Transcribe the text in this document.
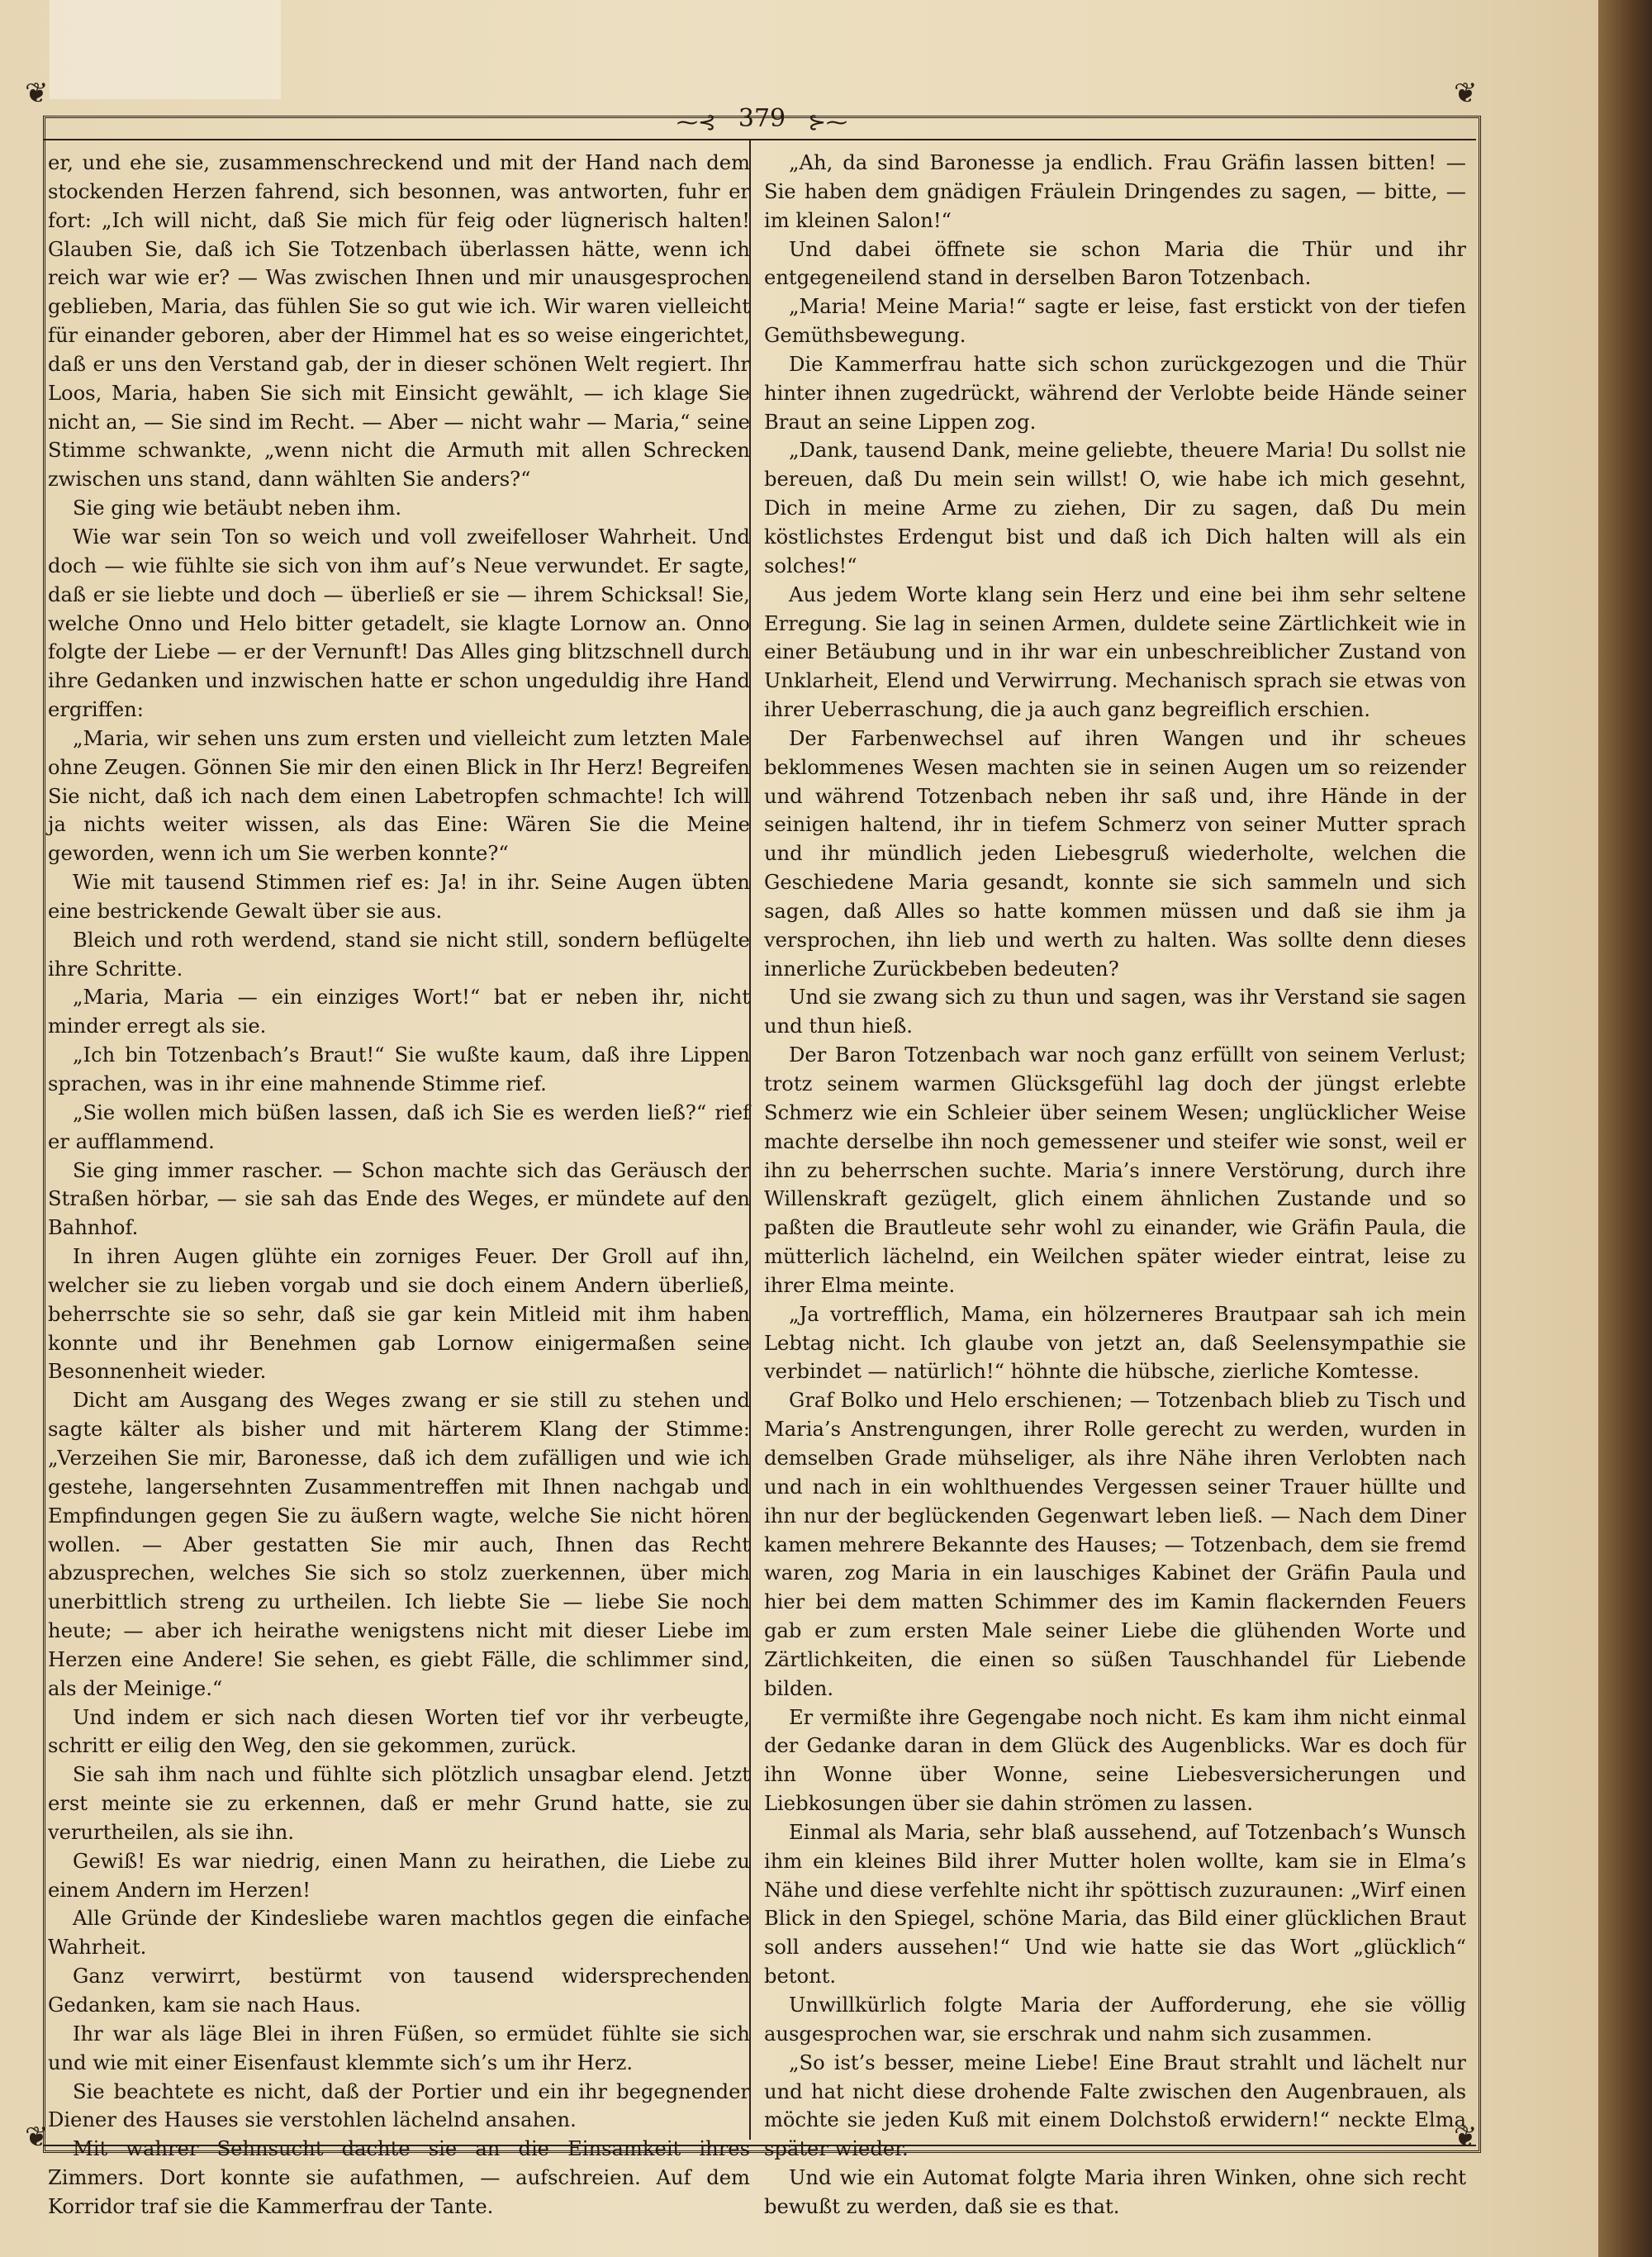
❦	❦
❦	❦
⁓⊰ 379 ⊱⁓

er, und ehe sie, zusammenschreckend und mit der Hand nach dem stockenden Herzen fahrend, sich besonnen, was antworten, fuhr er fort: „Ich will nicht, daß Sie mich für feig oder lügnerisch halten! Glauben Sie, daß ich Sie Totzenbach überlassen hätte, wenn ich reich war wie er? — Was zwischen Ihnen und mir unausgesprochen geblieben, Maria, das fühlen Sie so gut wie ich. Wir waren vielleicht für einander geboren, aber der Himmel hat es so weise eingerichtet, daß er uns den Verstand gab, der in dieser schönen Welt regiert. Ihr Loos, Maria, haben Sie sich mit Einsicht gewählt, — ich klage Sie nicht an, — Sie sind im Recht. — Aber — nicht wahr — Maria,“ seine Stimme schwankte, „wenn nicht die Armuth mit allen Schrecken zwischen uns stand, dann wählten Sie anders?“

Sie ging wie betäubt neben ihm.

Wie war sein Ton so weich und voll zweifelloser Wahrheit. Und doch — wie fühlte sie sich von ihm auf’s Neue verwundet. Er sagte, daß er sie liebte und doch — überließ er sie — ihrem Schicksal! Sie, welche Onno und Helo bitter getadelt, sie klagte Lornow an. Onno folgte der Liebe — er der Vernunft! Das Alles ging blitzschnell durch ihre Gedanken und inzwischen hatte er schon ungeduldig ihre Hand ergriffen:

„Maria, wir sehen uns zum ersten und vielleicht zum letzten Male ohne Zeugen. Gönnen Sie mir den einen Blick in Ihr Herz! Begreifen Sie nicht, daß ich nach dem einen Labetropfen schmachte! Ich will ja nichts weiter wissen, als das Eine: Wären Sie die Meine geworden, wenn ich um Sie werben konnte?“

Wie mit tausend Stimmen rief es: Ja! in ihr. Seine Augen übten eine bestrickende Gewalt über sie aus.

Bleich und roth werdend, stand sie nicht still, sondern beflügelte ihre Schritte.

„Maria, Maria — ein einziges Wort!“ bat er neben ihr, nicht minder erregt als sie.

„Ich bin Totzenbach’s Braut!“ Sie wußte kaum, daß ihre Lippen sprachen, was in ihr eine mahnende Stimme rief.

„Sie wollen mich büßen lassen, daß ich Sie es werden ließ?“ rief er aufflammend.

Sie ging immer rascher. — Schon machte sich das Geräusch der Straßen hörbar, — sie sah das Ende des Weges, er mündete auf den Bahnhof.

In ihren Augen glühte ein zorniges Feuer. Der Groll auf ihn, welcher sie zu lieben vorgab und sie doch einem Andern überließ, beherrschte sie so sehr, daß sie gar kein Mitleid mit ihm haben konnte und ihr Benehmen gab Lornow einigermaßen seine Besonnenheit wieder.

Dicht am Ausgang des Weges zwang er sie still zu stehen und sagte kälter als bisher und mit härterem Klang der Stimme: „Verzeihen Sie mir, Baronesse, daß ich dem zufälligen und wie ich gestehe, langersehnten Zusammentreffen mit Ihnen nachgab und Empfindungen gegen Sie zu äußern wagte, welche Sie nicht hören wollen. — Aber gestatten Sie mir auch, Ihnen das Recht abzusprechen, welches Sie sich so stolz zuerkennen, über mich unerbittlich streng zu urtheilen. Ich liebte Sie — liebe Sie noch heute; — aber ich heirathe wenigstens nicht mit dieser Liebe im Herzen eine Andere! Sie sehen, es giebt Fälle, die schlimmer sind, als der Meinige.“

Und indem er sich nach diesen Worten tief vor ihr verbeugte, schritt er eilig den Weg, den sie gekommen, zurück.

Sie sah ihm nach und fühlte sich plötzlich unsagbar elend. Jetzt erst meinte sie zu erkennen, daß er mehr Grund hatte, sie zu verurtheilen, als sie ihn.

Gewiß! Es war niedrig, einen Mann zu heirathen, die Liebe zu einem Andern im Herzen!

Alle Gründe der Kindesliebe waren machtlos gegen die einfache Wahrheit.

Ganz verwirrt, bestürmt von tausend widersprechenden Gedanken, kam sie nach Haus.

Ihr war als läge Blei in ihren Füßen, so ermüdet fühlte sie sich und wie mit einer Eisenfaust klemmte sich’s um ihr Herz.

Sie beachtete es nicht, daß der Portier und ein ihr begegnender Diener des Hauses sie verstohlen lächelnd ansahen.

Mit wahrer Sehnsucht dachte sie an die Einsamkeit ihres Zimmers. Dort konnte sie aufathmen, — aufschreien. Auf dem Korridor traf sie die Kammerfrau der Tante.

„Ah, da sind Baronesse ja endlich. Frau Gräfin lassen bitten! — Sie haben dem gnädigen Fräulein Dringendes zu sagen, — bitte, — im kleinen Salon!“

Und dabei öffnete sie schon Maria die Thür und ihr entgegeneilend stand in derselben Baron Totzenbach.

„Maria! Meine Maria!“ sagte er leise, fast erstickt von der tiefen Gemüthsbewegung.

Die Kammerfrau hatte sich schon zurückgezogen und die Thür hinter ihnen zugedrückt, während der Verlobte beide Hände seiner Braut an seine Lippen zog.

„Dank, tausend Dank, meine geliebte, theuere Maria! Du sollst nie bereuen, daß Du mein sein willst! O, wie habe ich mich gesehnt, Dich in meine Arme zu ziehen, Dir zu sagen, daß Du mein köstlichstes Erdengut bist und daß ich Dich halten will als ein solches!“

Aus jedem Worte klang sein Herz und eine bei ihm sehr seltene Erregung. Sie lag in seinen Armen, duldete seine Zärtlichkeit wie in einer Betäubung und in ihr war ein unbeschreiblicher Zustand von Unklarheit, Elend und Verwirrung. Mechanisch sprach sie etwas von ihrer Ueberraschung, die ja auch ganz begreiflich erschien.

Der Farbenwechsel auf ihren Wangen und ihr scheues beklommenes Wesen machten sie in seinen Augen um so reizender und während Totzenbach neben ihr saß und, ihre Hände in der seinigen haltend, ihr in tiefem Schmerz von seiner Mutter sprach und ihr mündlich jeden Liebesgruß wiederholte, welchen die Geschiedene Maria gesandt, konnte sie sich sammeln und sich sagen, daß Alles so hatte kommen müssen und daß sie ihm ja versprochen, ihn lieb und werth zu halten. Was sollte denn dieses innerliche Zurückbeben bedeuten?

Und sie zwang sich zu thun und sagen, was ihr Verstand sie sagen und thun hieß.

Der Baron Totzenbach war noch ganz erfüllt von seinem Verlust; trotz seinem warmen Glücksgefühl lag doch der jüngst erlebte Schmerz wie ein Schleier über seinem Wesen; unglücklicher Weise machte derselbe ihn noch gemessener und steifer wie sonst, weil er ihn zu beherrschen suchte. Maria’s innere Verstörung, durch ihre Willenskraft gezügelt, glich einem ähnlichen Zustande und so paßten die Brautleute sehr wohl zu einander, wie Gräfin Paula, die mütterlich lächelnd, ein Weilchen später wieder eintrat, leise zu ihrer Elma meinte.

„Ja vortrefflich, Mama, ein hölzerneres Brautpaar sah ich mein Lebtag nicht. Ich glaube von jetzt an, daß Seelensympathie sie verbindet — natürlich!“ höhnte die hübsche, zierliche Komtesse.

Graf Bolko und Helo erschienen; — Totzenbach blieb zu Tisch und Maria’s Anstrengungen, ihrer Rolle gerecht zu werden, wurden in demselben Grade mühseliger, als ihre Nähe ihren Verlobten nach und nach in ein wohlthuendes Vergessen seiner Trauer hüllte und ihn nur der beglückenden Gegenwart leben ließ. — Nach dem Diner kamen mehrere Bekannte des Hauses; — Totzenbach, dem sie fremd waren, zog Maria in ein lauschiges Kabinet der Gräfin Paula und hier bei dem matten Schimmer des im Kamin flackernden Feuers gab er zum ersten Male seiner Liebe die glühenden Worte und Zärtlichkeiten, die einen so süßen Tauschhandel für Liebende bilden.

Er vermißte ihre Gegengabe noch nicht. Es kam ihm nicht einmal der Gedanke daran in dem Glück des Augenblicks. War es doch für ihn Wonne über Wonne, seine Liebesversicherungen und Liebkosungen über sie dahin strömen zu lassen.

Einmal als Maria, sehr blaß aussehend, auf Totzenbach’s Wunsch ihm ein kleines Bild ihrer Mutter holen wollte, kam sie in Elma’s Nähe und diese verfehlte nicht ihr spöttisch zuzuraunen: „Wirf einen Blick in den Spiegel, schöne Maria, das Bild einer glücklichen Braut soll anders aussehen!“ Und wie hatte sie das Wort „glücklich“ betont.

Unwillkürlich folgte Maria der Aufforderung, ehe sie völlig ausgesprochen war, sie erschrak und nahm sich zusammen.

„So ist’s besser, meine Liebe! Eine Braut strahlt und lächelt nur und hat nicht diese drohende Falte zwischen den Augenbrauen, als möchte sie jeden Kuß mit einem Dolchstoß erwidern!“ neckte Elma später wieder.

Und wie ein Automat folgte Maria ihren Winken, ohne sich recht bewußt zu werden, daß sie es that.
